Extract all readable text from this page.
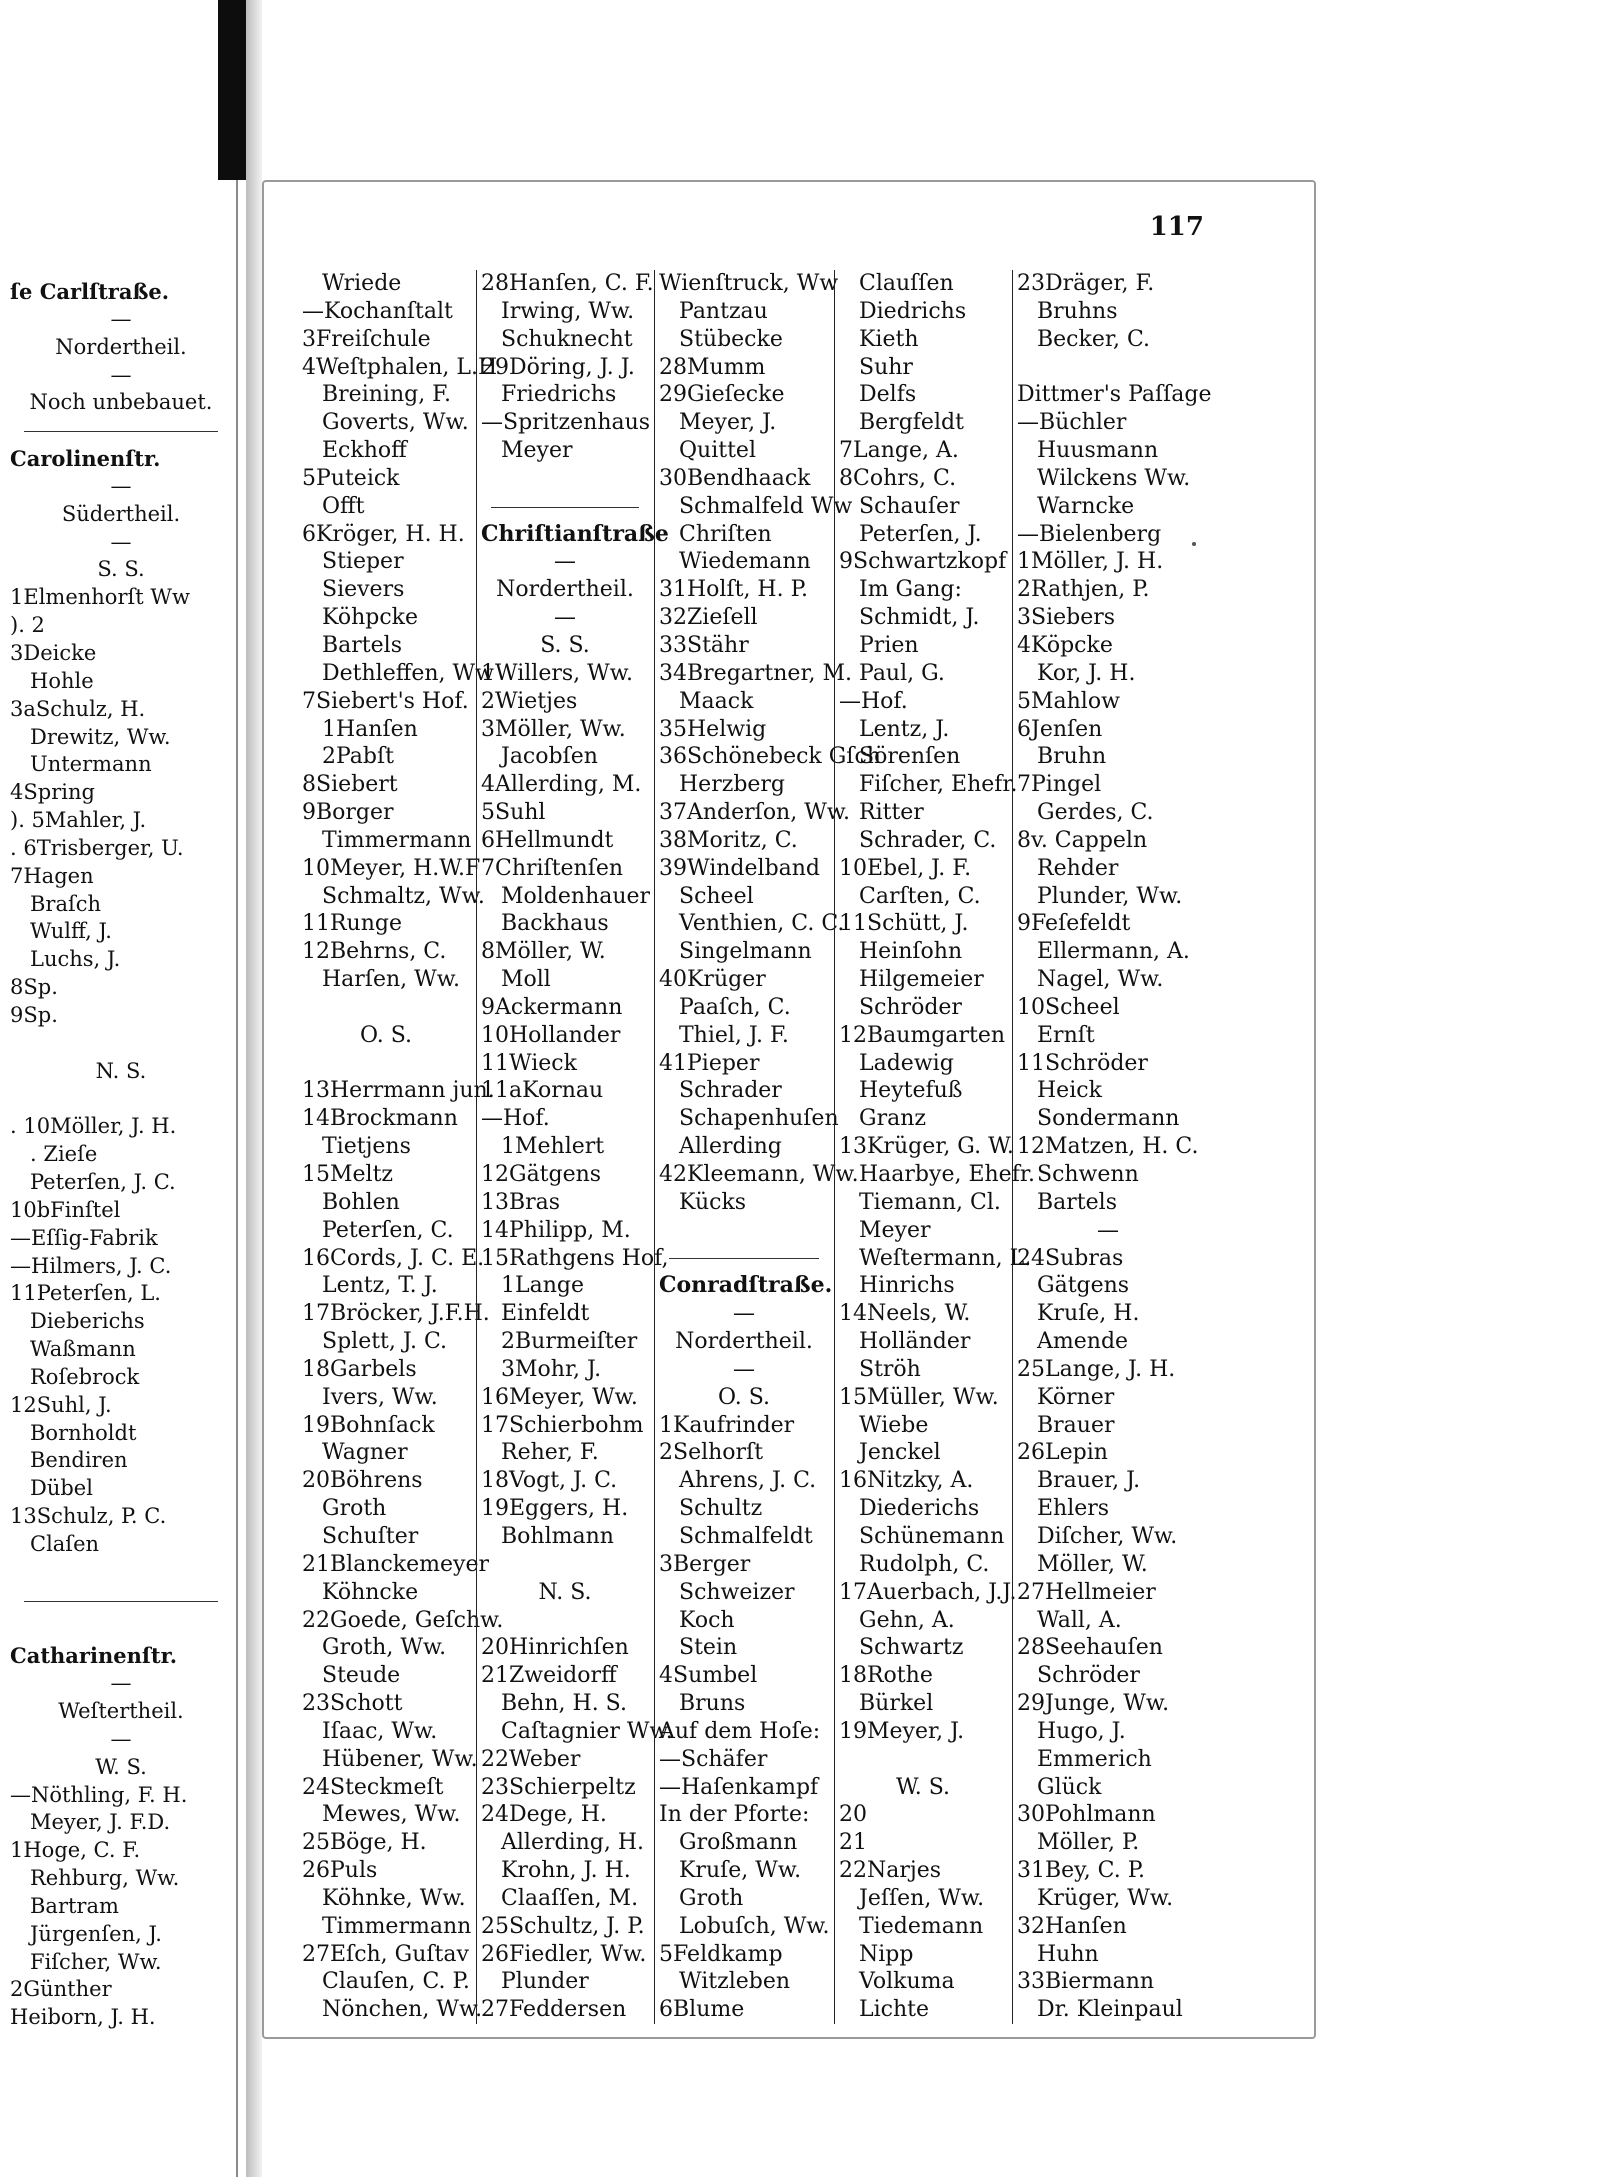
ſe Carlſtraße.
—
Nordertheil.
—
Noch unbebauet.
Carolinenſtr.
—
Südertheil.
—
S. S.
1Elmenhorſt Ww
). 2
3Deicke
Hohle
3aSchulz, H.
Drewitz, Ww.
Untermann
4Spring
). 5Mahler, J.
. 6Trisberger, U.
7Hagen
Braſch
Wulff, J.
Luchs, J.
8Sp.
9Sp.
N. S.
. 10Möller, J. H.
. Zieſe
Peterſen, J. C.
10bFinſtel
—Eſſig-Fabrik
—Hilmers, J. C.
11Peterſen, L.
Dieberichs
Waßmann
Roſebrock
12Suhl, J.
Bornholdt
Bendiren
Dübel
13Schulz, P. C.
Claſen
Catharinenſtr.
—
Weſtertheil.
—
W. S.
—Nöthling, F. H.
Meyer, J. F.D.
1Hoge, C. F.
Rehburg, Ww.
Bartram
Jürgenſen, J.
Fiſcher, Ww.
2Günther
Heiborn, J. H.
117
Wriede
—Kochanſtalt
3Freiſchule
4Weſtphalen, L.H
Breining, F.
Goverts, Ww.
Eckhoff
5Puteick
Offt
6Kröger, H. H.
Stieper
Sievers
Köhpcke
Bartels
Dethleffen, Ww
7Siebert's Hof.
1Hanſen
2Pabſt
8Siebert
9Borger
Timmermann
10Meyer, H.W.F
Schmaltz, Ww.
11Runge
12Behrns, C.
Harſen, Ww.
O. S.
13Herrmann jun.
14Brockmann
Tietjens
15Meltz
Bohlen
Peterſen, C.
16Cords, J. C. E.
Lentz, T. J.
17Bröcker, J.F.H.
Splett, J. C.
18Garbels
Ivers, Ww.
19Bohnſack
Wagner
20Böhrens
Groth
Schuſter
21Blanckemeyer
Köhncke
22Goede, Geſchw.
Groth, Ww.
Steude
23Schott
Iſaac, Ww.
Hübener, Ww.
24Steckmeſt
Mewes, Ww.
25Böge, H.
26Puls
Köhnke, Ww.
Timmermann
27Eſch, Guſtav
Clauſen, C. P.
Nönchen, Ww.
28Hanſen, C. F.
Irwing, Ww.
Schuknecht
29Döring, J. J.
Friedrichs
—Spritzenhaus
Meyer
Chriſtianſtraße
—
Nordertheil.
—
S. S.
1Willers, Ww.
2Wietjes
3Möller, Ww.
Jacobſen
4Allerding, M.
5Suhl
6Hellmundt
7Chriſtenſen
Moldenhauer
Backhaus
8Möller, W.
Moll
9Ackermann
10Hollander
11Wieck
11aKornau
—Hof.
1Mehlert
12Gätgens
13Bras
14Philipp, M.
15Rathgens Hof,
1Lange
Einfeldt
2Burmeiſter
3Mohr, J.
16Meyer, Ww.
17Schierbohm
Reher, F.
18Vogt, J. C.
19Eggers, H.
Bohlmann
N. S.
20Hinrichſen
21Zweidorff
Behn, H. S.
Caſtagnier Ww.
22Weber
23Schierpeltz
24Dege, H.
Allerding, H.
Krohn, J. H.
Claaſſen, M.
25Schultz, J. P.
26Fiedler, Ww.
Plunder
27Feddersen
Wienſtruck, Ww
Pantzau
Stübecke
28Mumm
29Gieſecke
Meyer, J.
Quittel
30Bendhaack
Schmalfeld Ww
Chriſten
Wiedemann
31Holſt, H. P.
32Zieſell
33Stähr
34Bregartner, M.
Maack
35Helwig
36Schönebeck Gſch
Herzberg
37Anderſon, Ww.
38Moritz, C.
39Windelband
Scheel
Venthien, C. C.
Singelmann
40Krüger
Paaſch, C.
Thiel, J. F.
41Pieper
Schrader
Schapenhuſen
Allerding
42Kleemann, Ww.
Kücks
Conradſtraße.
—
Nordertheil.
—
O. S.
1Kaufrinder
2Selhorſt
Ahrens, J. C.
Schultz
Schmalfeldt
3Berger
Schweizer
Koch
Stein
4Sumbel
Bruns
Auf dem Hoſe:
—Schäfer
—Haſenkampf
In der Pforte:
Großmann
Kruſe, Ww.
Groth
Lobuſch, Ww.
5Feldkamp
Witzleben
6Blume
Clauſſen
Diedrichs
Kieth
Suhr
Delfs
Bergfeldt
7Lange, A.
8Cohrs, C.
Schauſer
Peterſen, J.
9Schwartzkopf
Im Gang:
Schmidt, J.
Prien
Paul, G.
—Hof.
Lentz, J.
Sörenſen
Fiſcher, Ehefr.
Ritter
Schrader, C.
10Ebel, J. F.
Carſten, C.
11Schütt, J.
Heinſohn
Hilgemeier
Schröder
12Baumgarten
Ladewig
Heytefuß
Granz
13Krüger, G. W.
Haarbye, Ehefr.
Tiemann, Cl.
Meyer
Weſtermann, L.
Hinrichs
14Neels, W.
Holländer
Ströh
15Müller, Ww.
Wiebe
Jenckel
16Nitzky, A.
Diederichs
Schünemann
Rudolph, C.
17Auerbach, J.J.
Gehn, A.
Schwartz
18Rothe
Bürkel
19Meyer, J.
W. S.
20
21
22Narjes
Jeſſen, Ww.
Tiedemann
Nipp
Volkuma
Lichte
23Dräger, F.
Bruhns
Becker, C.
Dittmer's Paſſage
—Büchler
Huusmann
Wilckens Ww.
Warncke
—Bielenberg
1Möller, J. H.
2Rathjen, P.
3Siebers
4Köpcke
Kor, J. H.
5Mahlow
6Jenſen
Bruhn
7Pingel
Gerdes, C.
8v. Cappeln
Rehder
Plunder, Ww.
9Feſefeldt
Ellermann, A.
Nagel, Ww.
10Scheel
Ernſt
11Schröder
Heick
Sondermann
12Matzen, H. C.
Schwenn
Bartels
—
24Subras
Gätgens
Kruſe, H.
Amende
25Lange, J. H.
Körner
Brauer
26Lepin
Brauer, J.
Ehlers
Diſcher, Ww.
Möller, W.
27Hellmeier
Wall, A.
28Seehauſen
Schröder
29Junge, Ww.
Hugo, J.
Emmerich
Glück
30Pohlmann
Möller, P.
31Bey, C. P.
Krüger, Ww.
32Hanſen
Huhn
33Biermann
Dr. Kleinpaul
